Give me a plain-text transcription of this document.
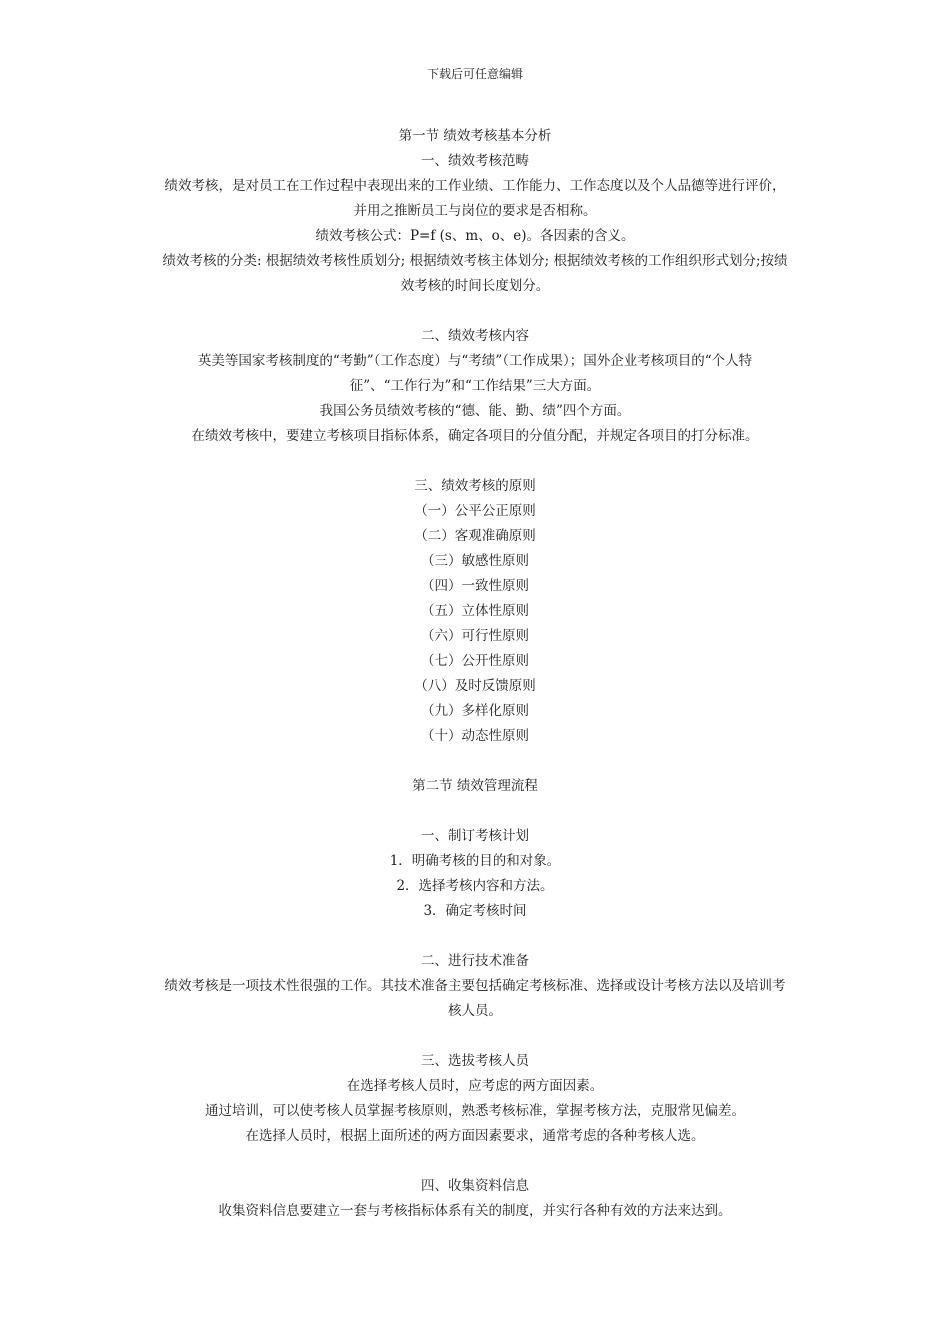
下载后可任意编辑
第一节 绩效考核基本分析
一、绩效考核范畴
绩效考核，是对员工在工作过程中表现出来的工作业绩、工作能力、工作态度以及个人品德等进行评价，
并用之推断员工与岗位的要求是否相称。
绩效考核公式：P=f (s、m、o、e)。各因素的含义。
绩效考核的分类: 根据绩效考核性质划分; 根据绩效考核主体划分; 根据绩效考核的工作组织形式划分;按绩
效考核的时间长度划分。
二、绩效考核内容
英美等国家考核制度的“考勤”（工作态度）与“考绩”（工作成果）；国外企业考核项目的“个人特
征”、“工作行为”和“工作结果”三大方面。
我国公务员绩效考核的“德、能、勤、绩”四个方面。
在绩效考核中，要建立考核项目指标体系，确定各项目的分值分配，并规定各项目的打分标准。
三、绩效考核的原则
（一）公平公正原则
（二）客观准确原则
（三）敏感性原则
（四）一致性原则
（五）立体性原则
（六）可行性原则
（七）公开性原则
（八）及时反馈原则
（九）多样化原则
（十）动态性原则
第二节 绩效管理流程
一、制订考核计划
1．明确考核的目的和对象。
2．选择考核内容和方法。
3．确定考核时间
二、进行技术准备
绩效考核是一项技术性很强的工作。其技术准备主要包括确定考核标准、选择或设计考核方法以及培训考
核人员。
三、选拔考核人员
在选择考核人员时，应考虑的两方面因素。
通过培训，可以使考核人员掌握考核原则，熟悉考核标准，掌握考核方法，克服常见偏差。
在选择人员时，根据上面所述的两方面因素要求，通常考虑的各种考核人选。
四、收集资料信息
收集资料信息要建立一套与考核指标体系有关的制度，并实行各种有效的方法来达到。
